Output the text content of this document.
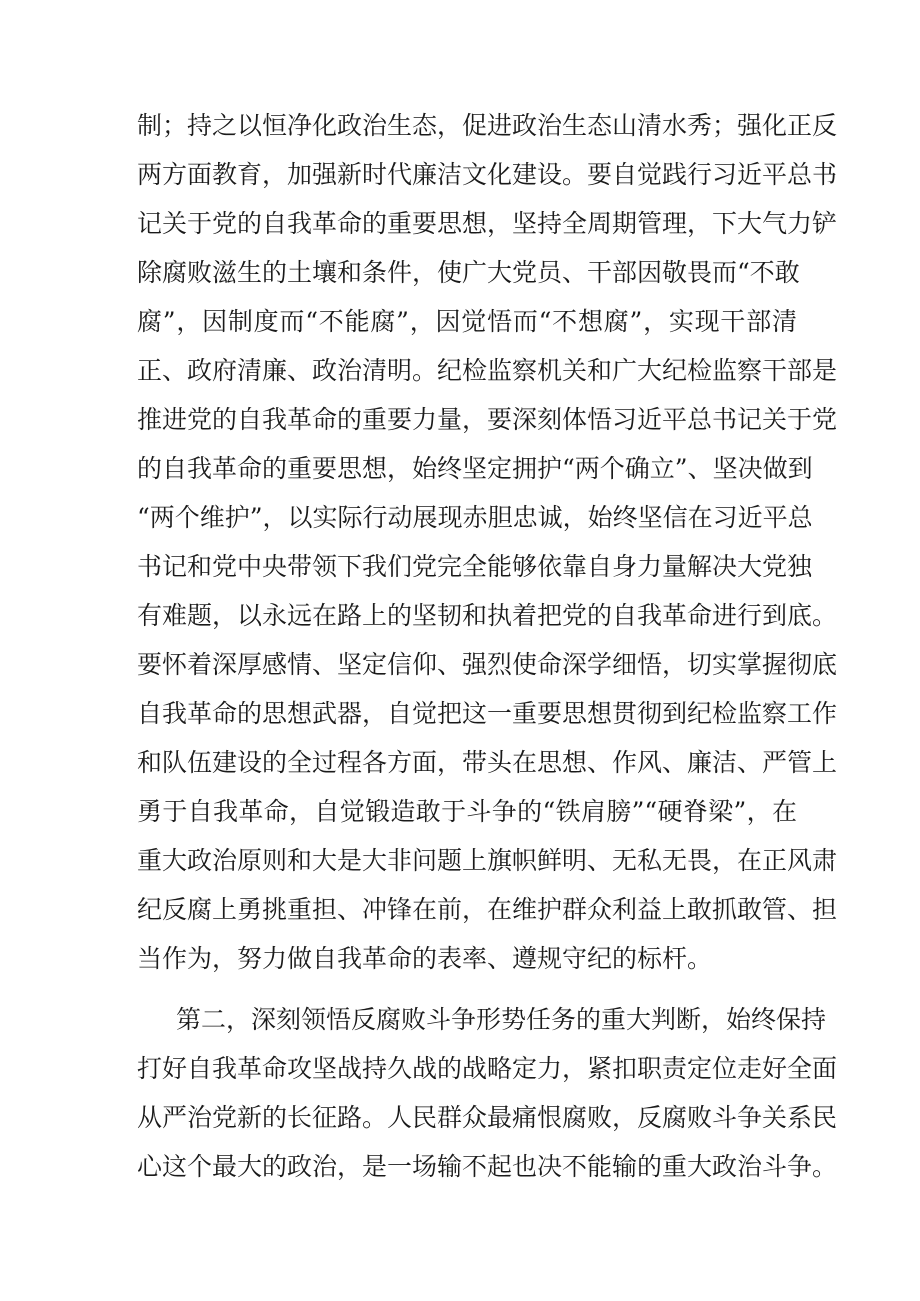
制；持之以恒净化政治生态，促进政治生态山清水秀；强化正反
两方面教育，加强新时代廉洁文化建设。要自觉践行习近平总书
记关于党的自我革命的重要思想，坚持全周期管理，下大气力铲
除腐败滋生的土壤和条件，使广大党员、干部因敬畏而“不敢
腐”，因制度而“不能腐”，因觉悟而“不想腐”，实现干部清
正、政府清廉、政治清明。纪检监察机关和广大纪检监察干部是
推进党的自我革命的重要力量，要深刻体悟习近平总书记关于党
的自我革命的重要思想，始终坚定拥护“两个确立”、坚决做到
“两个维护”，以实际行动展现赤胆忠诚，始终坚信在习近平总
书记和党中央带领下我们党完全能够依靠自身力量解决大党独
有难题，以永远在路上的坚韧和执着把党的自我革命进行到底。
要怀着深厚感情、坚定信仰、强烈使命深学细悟，切实掌握彻底
自我革命的思想武器，自觉把这一重要思想贯彻到纪检监察工作
和队伍建设的全过程各方面，带头在思想、作风、廉洁、严管上
勇于自我革命，自觉锻造敢于斗争的“铁肩膀”“硬脊梁”，在
重大政治原则和大是大非问题上旗帜鲜明、无私无畏，在正风肃
纪反腐上勇挑重担、冲锋在前，在维护群众利益上敢抓敢管、担
当作为，努力做自我革命的表率、遵规守纪的标杆。
第二，深刻领悟反腐败斗争形势任务的重大判断，始终保持
打好自我革命攻坚战持久战的战略定力，紧扣职责定位走好全面
从严治党新的长征路。人民群众最痛恨腐败，反腐败斗争关系民
心这个最大的政治，是一场输不起也决不能输的重大政治斗争。
